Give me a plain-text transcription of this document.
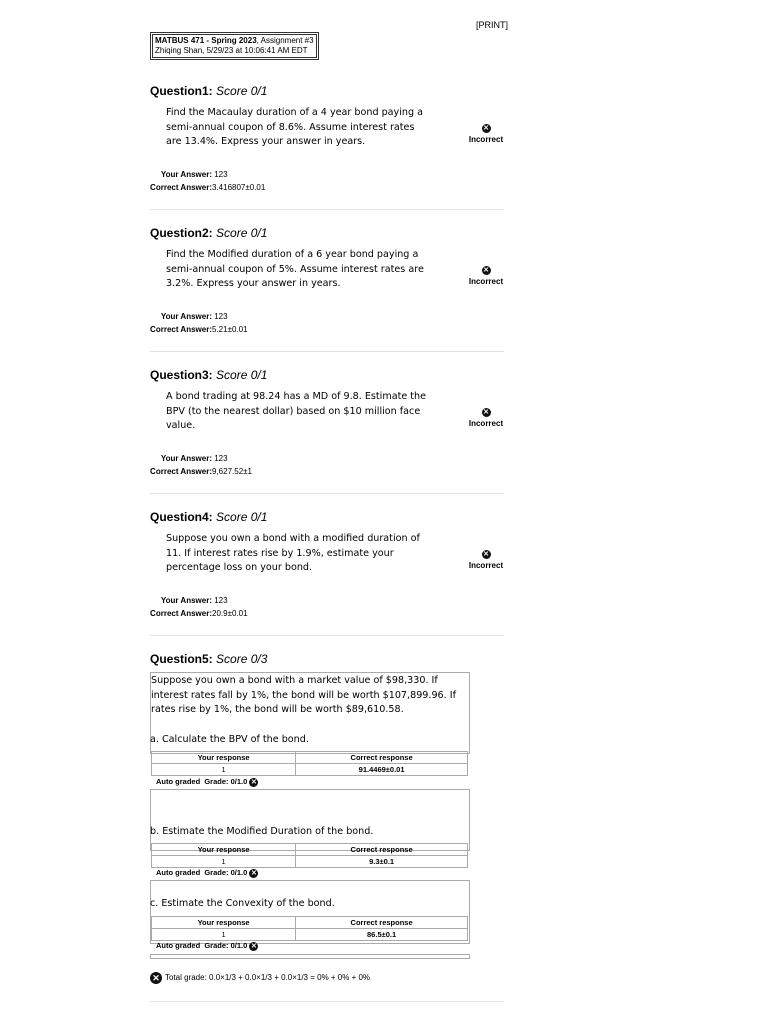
[PRINT]
MATBUS 471 - Spring 2023, Assignment #3
Zhiqing Shan, 5/29/23 at 10:06:41 AM EDT
Question1: Score 0/1
Find the Macaulay duration of a 4 year bond paying a semi-annual coupon of 8.6%. Assume interest rates are 13.4%. Express your answer in years.
✕
Incorrect
Your Answer: 123
Correct Answer:3.416807±0.01
Question2: Score 0/1
Find the Modified duration of a 6 year bond paying a semi-annual coupon of 5%. Assume interest rates are 3.2%. Express your answer in years.
✕
Incorrect
Your Answer: 123
Correct Answer:5.21±0.01
Question3: Score 0/1
A bond trading at 98.24 has a MD of 9.8. Estimate the BPV (to the nearest dollar) based on $10 million face value.
✕
Incorrect
Your Answer: 123
Correct Answer:9,627.52±1
Question4: Score 0/1
Suppose you own a bond with a modified duration of 11. If interest rates rise by 1.9%, estimate your percentage loss on your bond.
✕
Incorrect
Your Answer: 123
Correct Answer:20.9±0.01
Question5: Score 0/3
Suppose you own a bond with a market value of $98,330. If interest rates fall by 1%, the bond will be worth $107,899.96. If rates rise by 1%, the bond will be worth $89,610.58.
a. Calculate the BPV of the bond.
Your response	Correct response
1	91.4469±0.01
Auto graded Grade: 0/1.0 ✕
b. Estimate the Modified Duration of the bond.
Your response	Correct response
1	9.3±0.1
Auto graded Grade: 0/1.0 ✕
c. Estimate the Convexity of the bond.
Your response	Correct response
1	86.5±0.1
Auto graded Grade: 0/1.0 ✕
✕ Total grade: 0.0×1/3 + 0.0×1/3 + 0.0×1/3 = 0% + 0% + 0%
